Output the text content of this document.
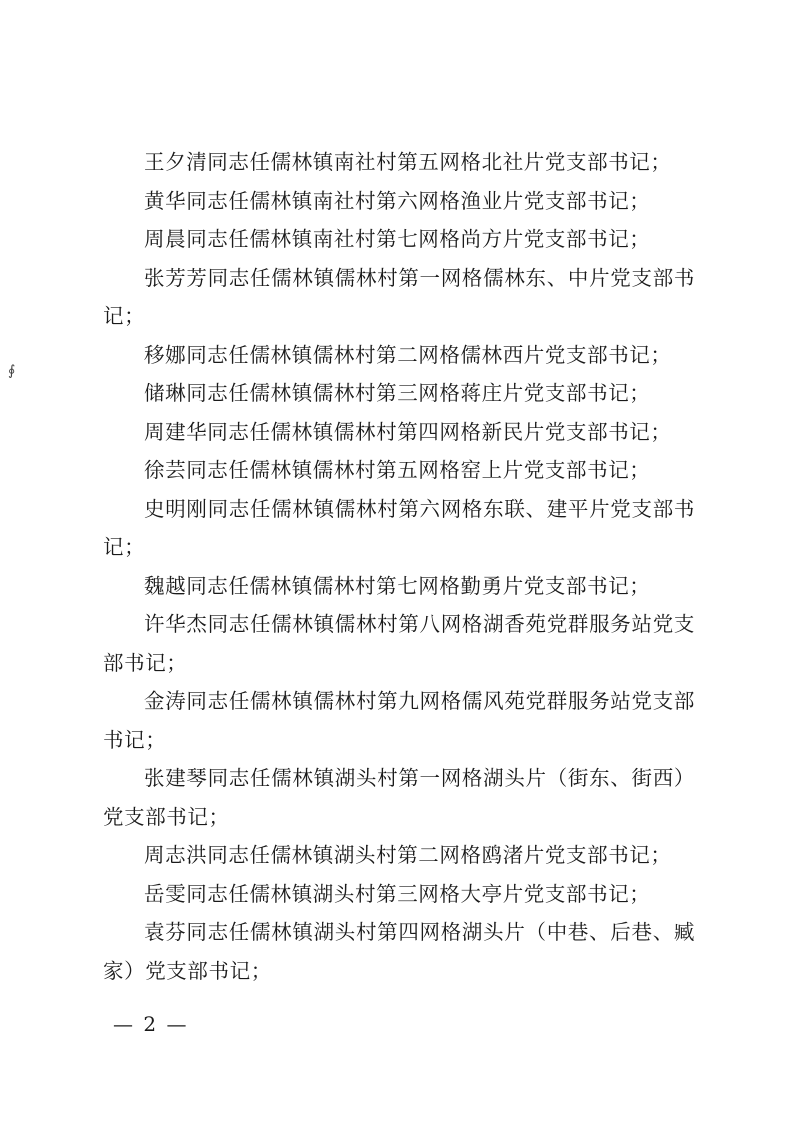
∮

王夕清同志任儒林镇南社村第五网格北社片党支部书记；

黄华同志任儒林镇南社村第六网格渔业片党支部书记；

周晨同志任儒林镇南社村第七网格尚方片党支部书记；

张芳芳同志任儒林镇儒林村第一网格儒林东、中片党支部书记；

移娜同志任儒林镇儒林村第二网格儒林西片党支部书记；

储琳同志任儒林镇儒林村第三网格蒋庄片党支部书记；

周建华同志任儒林镇儒林村第四网格新民片党支部书记；

徐芸同志任儒林镇儒林村第五网格窑上片党支部书记；

史明刚同志任儒林镇儒林村第六网格东联、建平片党支部书记；

魏越同志任儒林镇儒林村第七网格勤勇片党支部书记；

许华杰同志任儒林镇儒林村第八网格湖香苑党群服务站党支部书记；

金涛同志任儒林镇儒林村第九网格儒风苑党群服务站党支部书记；

张建琴同志任儒林镇湖头村第一网格湖头片（街东、街西）党支部书记；

周志洪同志任儒林镇湖头村第二网格鸥渚片党支部书记；

岳雯同志任儒林镇湖头村第三网格大亭片党支部书记；

袁芬同志任儒林镇湖头村第四网格湖头片（中巷、后巷、臧家）党支部书记；

— 2 —
